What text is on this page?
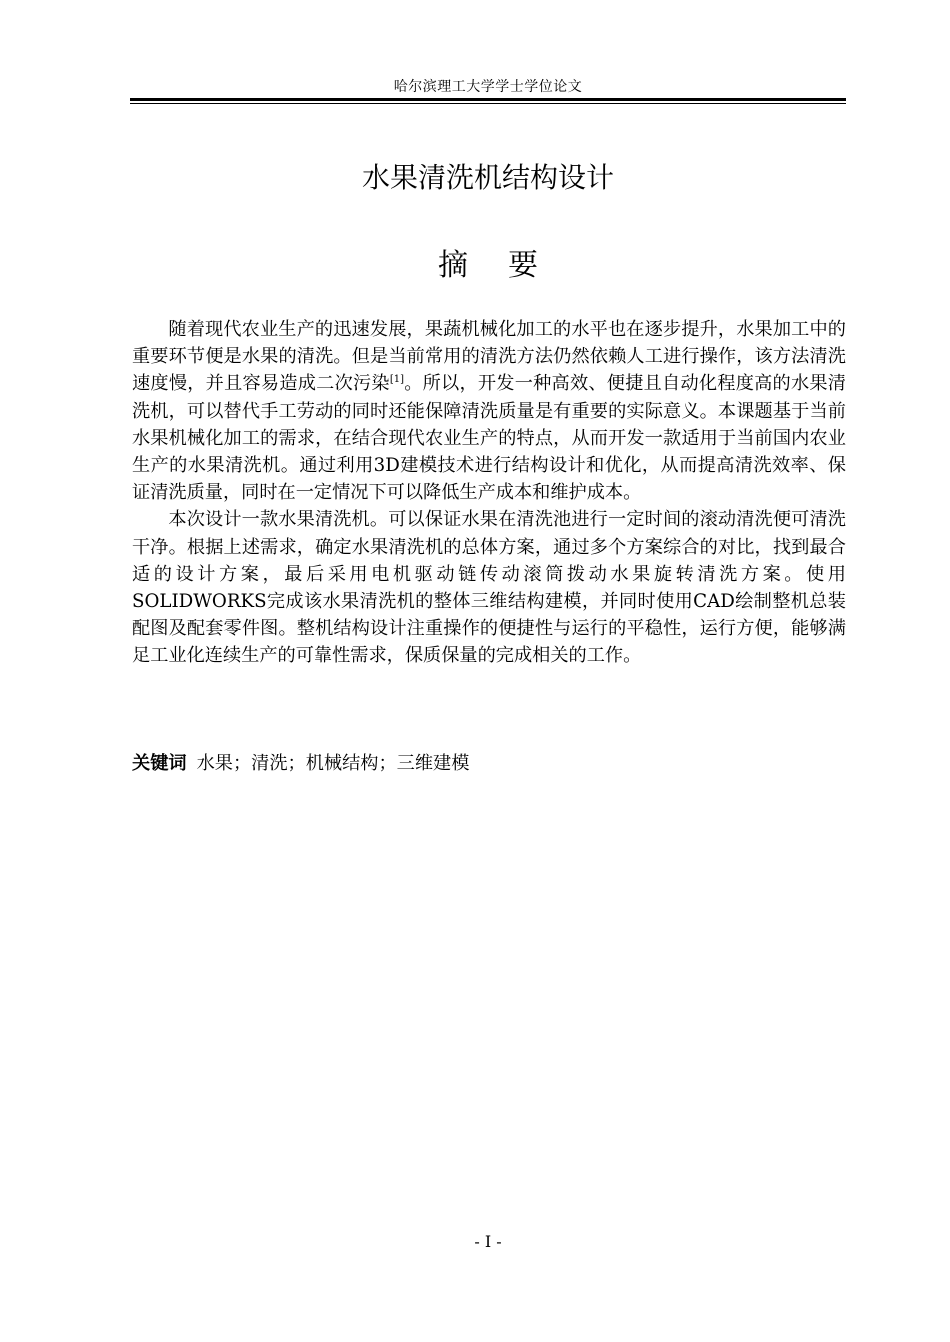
哈尔滨理工大学学士学位论文
水果清洗机结构设计
摘要

随着现代农业生产的迅速发展，果蔬机械化加工的水平也在逐步提升，水果加工中的重要环节便是水果的清洗。但是当前常用的清洗方法仍然依赖人工进行操作，该方法清洗速度慢，并且容易造成二次污染[1]。所以，开发一种高效、便捷且自动化程度高的水果清洗机，可以替代手工劳动的同时还能保障清洗质量是有重要的实际意义。本课题基于当前水果机械化加工的需求，在结合现代农业生产的特点，从而开发一款适用于当前国内农业生产的水果清洗机。通过利用3D建模技术进行结构设计和优化，从而提高清洗效率、保证清洗质量，同时在一定情况下可以降低生产成本和维护成本。

本次设计一款水果清洗机。可以保证水果在清洗池进行一定时间的滚动清洗便可清洗干净。根据上述需求，确定水果清洗机的总体方案，通过多个方案综合的对比，找到最合适的设计方案，最后采用电机驱动链传动滚筒拨动水果旋转清洗方案。使用SOLIDWORKS完成该水果清洗机的整体三维结构建模，并同时使用CAD绘制整机总装配图及配套零件图。整机结构设计注重操作的便捷性与运行的平稳性，运行方便，能够满足工业化连续生产的可靠性需求，保质保量的完成相关的工作。

关键词 水果；清洗；机械结构；三维建模
- I -
